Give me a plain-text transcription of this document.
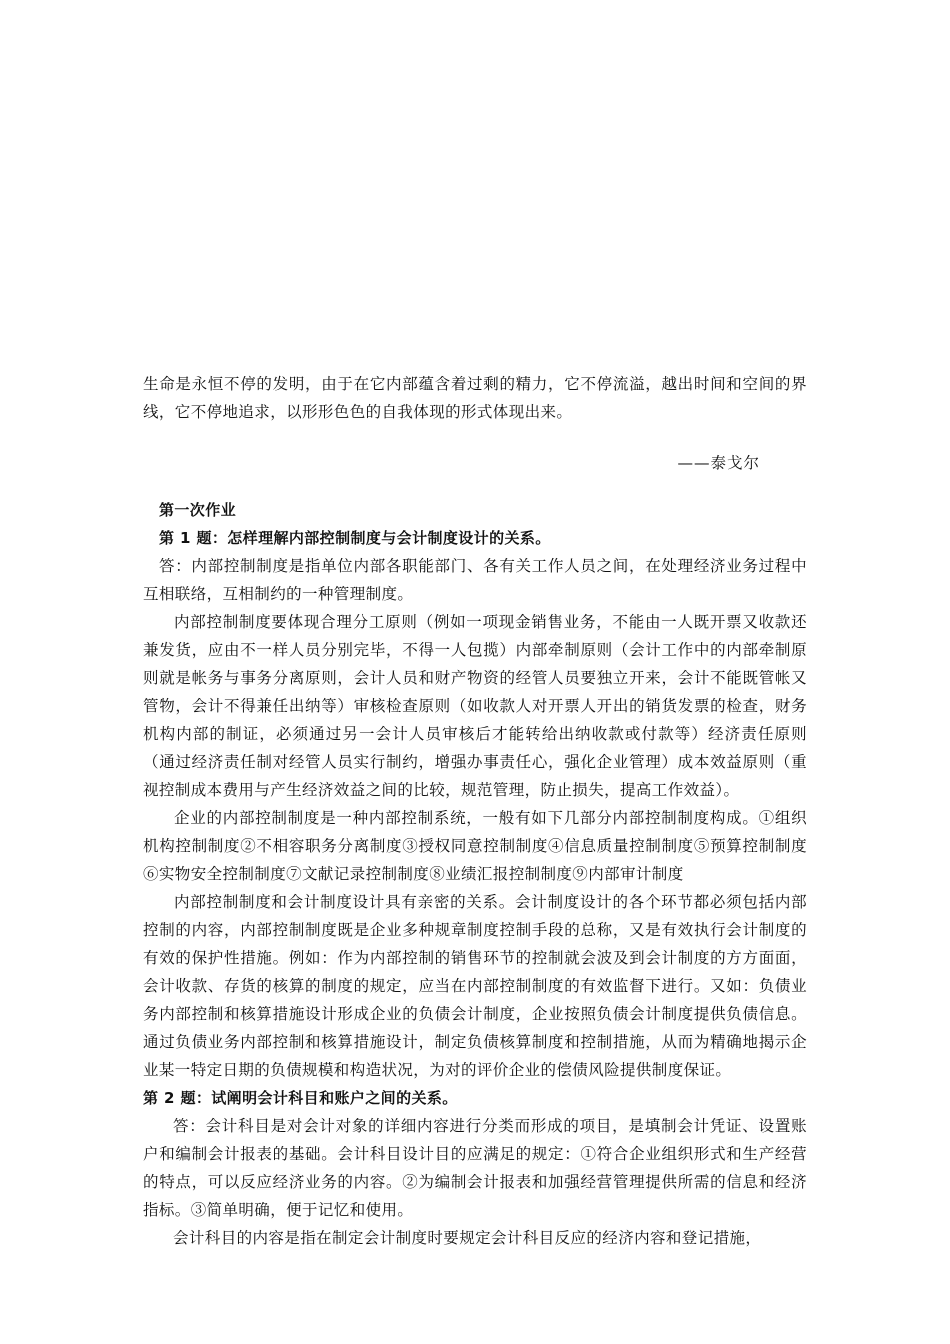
生命是永恒不停的发明，由于在它内部蕴含着过剩的精力，它不停流溢，越出时间和空间的界线，它不停地追求，以形形色色的自我体现的形式体现出来。

——泰戈尔

第一次作业

第 1 题：怎样理解内部控制制度与会计制度设计的关系。

答：内部控制制度是指单位内部各职能部门、各有关工作人员之间，在处理经济业务过程中互相联络，互相制约的一种管理制度。

内部控制制度要体现合理分工原则（例如一项现金销售业务，不能由一人既开票又收款还兼发货，应由不一样人员分别完毕，不得一人包揽）内部牵制原则（会计工作中的内部牵制原则就是帐务与事务分离原则，会计人员和财产物资的经管人员要独立开来，会计不能既管帐又管物，会计不得兼任出纳等）审核检查原则（如收款人对开票人开出的销货发票的检查，财务机构内部的制证，必须通过另一会计人员审核后才能转给出纳收款或付款等）经济责任原则（通过经济责任制对经管人员实行制约，增强办事责任心，强化企业管理）成本效益原则（重视控制成本费用与产生经济效益之间的比较，规范管理，防止损失，提高工作效益）。

企业的内部控制制度是一种内部控制系统，一般有如下几部分内部控制制度构成。①组织机构控制制度②不相容职务分离制度③授权同意控制制度④信息质量控制制度⑤预算控制制度⑥实物安全控制制度⑦文献记录控制制度⑧业绩汇报控制制度⑨内部审计制度

内部控制制度和会计制度设计具有亲密的关系。会计制度设计的各个环节都必须包括内部控制的内容，内部控制制度既是企业多种规章制度控制手段的总称，又是有效执行会计制度的有效的保护性措施。例如：作为内部控制的销售环节的控制就会波及到会计制度的方方面面，会计收款、存货的核算的制度的规定，应当在内部控制制度的有效监督下进行。又如：负债业务内部控制和核算措施设计形成企业的负债会计制度，企业按照负债会计制度提供负债信息。通过负债业务内部控制和核算措施设计，制定负债核算制度和控制措施，从而为精确地揭示企业某一特定日期的负债规模和构造状况，为对的评价企业的偿债风险提供制度保证。

第 2 题：试阐明会计科目和账户之间的关系。

答：会计科目是对会计对象的详细内容进行分类而形成的项目，是填制会计凭证、设置账户和编制会计报表的基础。会计科目设计目的应满足的规定：①符合企业组织形式和生产经营的特点，可以反应经济业务的内容。②为编制会计报表和加强经营管理提供所需的信息和经济指标。③简单明确，便于记忆和使用。

会计科目的内容是指在制定会计制度时要规定会计科目反应的经济内容和登记措施，
